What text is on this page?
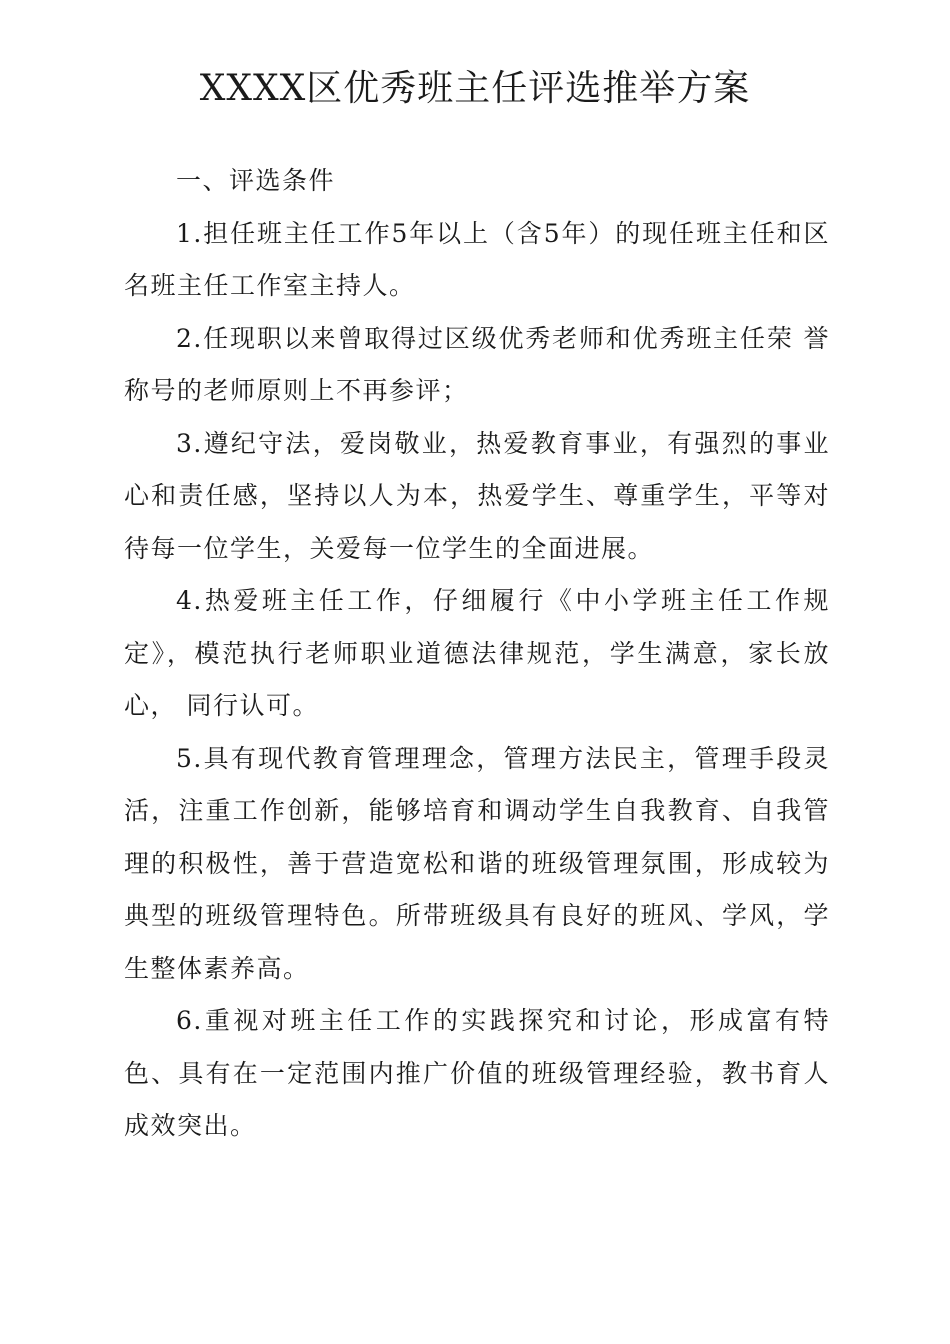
XXXX区优秀班主任评选推举方案

一、评选条件

1.担任班主任工作5年以上（含5年）的现任班主任和区名班主任工作室主持人。

2.任现职以来曾取得过区级优秀老师和优秀班主任荣 誉称号的老师原则上不再参评；

3.遵纪守法，爱岗敬业，热爱教育事业，有强烈的事业心和责任感，坚持以人为本，热爱学生、尊重学生，平等对待每一位学生，关爱每一位学生的全面进展。

4.热爱班主任工作，仔细履行《中小学班主任工作规定》，模范执行老师职业道德法律规范，学生满意，家长放心， 同行认可。

5.具有现代教育管理理念，管理方法民主，管理手段灵活，注重工作创新，能够培育和调动学生自我教育、自我管理的积极性，善于营造宽松和谐的班级管理氛围，形成较为典型的班级管理特色。所带班级具有良好的班风、学风，学生整体素养高。

6.重视对班主任工作的实践探究和讨论，形成富有特色、具有在一定范围内推广价值的班级管理经验，教书育人成效突出。
